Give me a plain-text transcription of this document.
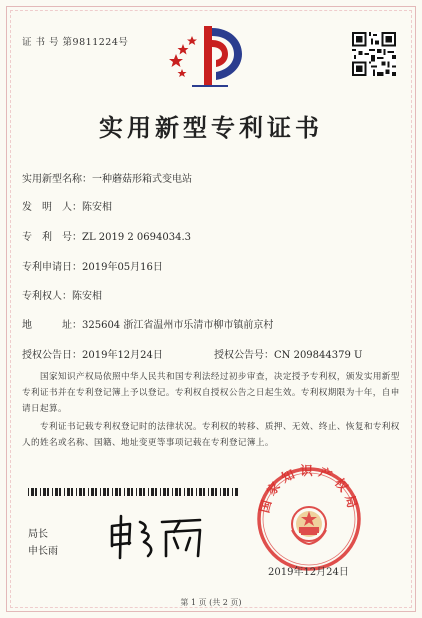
证 书 号 第9811224号
实用新型专利证书
实用新型名称：一种蘑菇形箱式变电站
发　明　人：陈安相
专　利　号：ZL 2019 2 0694034.3
专利申请日：2019年05月16日
专利权人：陈安相
地　　　址：325604 浙江省温州市乐清市柳市镇前京村
授权公告日：2019年12月24日	授权公告号：CN 209844379 U
国家知识产权局依照中华人民共和国专利法经过初步审查，决定授予专利权，颁发实用新型专利证书并在专利登记簿上予以登记。专利权自授权公告之日起生效。专利权期限为十年，自申请日起算。
专利证书记载专利权登记时的法律状况。专利权的转移、质押、无效、终止、恢复和专利权人的姓名或名称、国籍、地址变更等事项记载在专利登记簿上。
局长
申长雨
国家知识产权局
2019年12月24日
第 1 页 (共 2 页)
